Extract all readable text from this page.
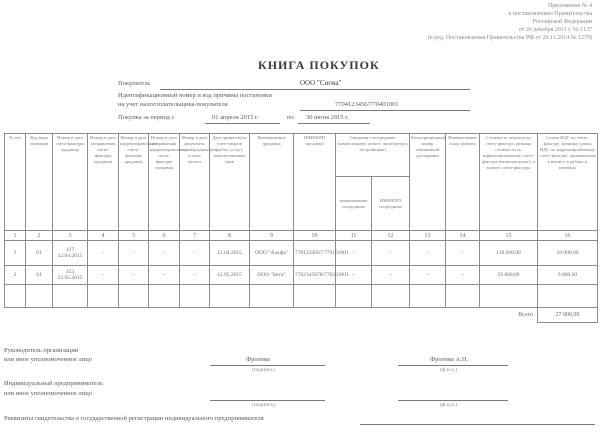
Приложение № 4
к постановлению Правительства
Российской Федерации
от 26 декабря 2011 г. № 1137
(в ред. Постановления Правительства РФ от 29.11.2014 № 1279)
КНИГА ПОКУПОК
Покупатель	ООО "Сигма"
Идентификационный номер и код причины постановки
на учет налогоплательщика-покупателя	7704123456/770401001
Покупка за период с	01 апреля 2015 г.	по 30 июня 2015 г.
№ п/п	Код вида операции	Номер и дата счета-фактуры продавца	Номер и дата исправления счета-фактуры продавца	Номер и дата корректировочного счета-фактуры продавца	Номер и дата исправления корректировочного счета-фактуры продавца	Номер и дата документа, подтверждающего уплату налога	Дата принятия на учет товаров (работ, услуг), имущественных прав	Наименование продавца	ИНН/КПП продавца	Сведения о посреднике (комиссионере, агенте, экспедиторе, застройщике)		Регистрационный номер таможенной декларации	Наименование и код валюты	Стоимость покупок по счету-фактуре, разница стоимости по корректировочному счету-фактуре (включая налог), в валюте счета-фактуры	Сумма НДС по счету-фактуре, разница суммы НДС по корректировочному счету-фактуре, принимаемая к вычету, в рублях и копейках
										наименование посредника	ИНН/КПП посредника				
1	2	3	4	5	6	7	8	9	10	11	12	13	14	15	16
1	01	127 12.04.2015	–	–	–	–	12.04.2015	ООО "Альфа"	7701234567/770101001	–	–	–	–	118 000,00	18 000,00
2	01	453 12.05.2015	–	–	–	–	12.05.2015	ООО "Бета"	7702345678/770201001	–	–	–	–	59 000,00	9 000,00

Всего															27 000,00
Руководитель организации
или иное уполномоченное лицо	Фролова
(подпись)
Фролова А.П.
(ф.и.о.)
Индивидуальный предприниматель
или иное уполномоченное лицо
(подпись)	(ф.и.о.)
Реквизиты свидетельства о государственной регистрации индивидуального предпринимателя
